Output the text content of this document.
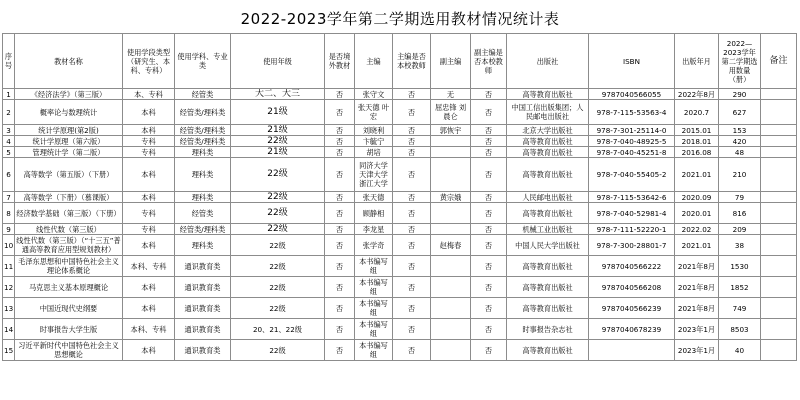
2022-2023学年第二学期选用教材情况统计表
序号	教材名称	使用学段类型（研究生、本科、专科）	使用学科、专业类	使用年级	是否境外教材	主编	主编是否本校教师	副主编	副主编是否本校教师	出版社	ISBN	出版年月	2022—2023学年第二学期选用数量（册）	备注
1	《经济法学》（第三版）	本、专科	经管类	大二、大三	否	张守文	否	无	否	高等教育出版社	9787040566055	2022年8月	290	
2	概率论与数理统计	本科	经管类/理科类	21级	否	张天德 叶宏	否	屈忠锋 刘晨仑	否	中国工信出版集团；人民邮电出版社	978-7-115-53563-4	2020.7	627	
3	统计学原理(第2版)	本科	经管类/理科类	21级	否	刘晓利	否	郭恢宇	否	北京大学出版社	978-7-301-25114-0	2015.01	153	
4	统计学原理（第六版）	专科	经管类/理科类	22级	否	卞毓宁	否		否	高等教育出版社	978-7-040-48925-5	2018.01	420	
5	管理统计学（第二版）	专科	理科类	21级	否	胡培	否		否	高等教育出版社	978-7-040-45251-8	2016.08	48	
6	高等数学（第五版）（下册）	本科	理科类	22级	否	同济大学 天津大学 浙江大学	否		否	高等教育出版社	978-7-040-55405-2	2021.01	210	
7	高等数学（下册）（慕课版）	本科	理科类	22级	否	张天德	否	黄宗娥	否	人民邮电出版社	978-7-115-53642-6	2020.09	79	
8	经济数学基础（第三版）（下册）	专科	经管类	22级	否	顾静相	否		否	高等教育出版社	978-7-040-52981-4	2020.01	816	
9	线性代数（第三版）	专科	经管类/理科类	22级	否	李龙星	否		否	机械工业出版社	978-7-111-52220-1	2022.02	209	
10	线性代数（第三版）（“十三五”普通高等教育应用型规划教材）	本科	理科类	22级	否	张学奇	否	赵梅春	否	中国人民大学出版社	978-7-300-28801-7	2021.01	38	
11	毛泽东思想和中国特色社会主义理论体系概论	本科、专科	通识教育类	22级	否	本书编写组	否		否	高等教育出版社	9787040566222	2021年8月	1530	
12	马克思主义基本原理概论	本科	通识教育类	22级	否	本书编写组	否		否	高等教育出版社	9787040566208	2021年8月	1852	
13	中国近现代史纲要	本科	通识教育类	22级	否	本书编写组	否		否	高等教育出版社	9787040566239	2021年8月	749	
14	时事报告大学生版	本科、专科	通识教育类	20、21、22级	否	本书编写组	否		否	时事报告杂志社	9787040678239	2023年1月	8503	
15	习近平新时代中国特色社会主义思想概论	本科	通识教育类	22级	否	本书编写组	否		否	高等教育出版社		2023年1月	40	
